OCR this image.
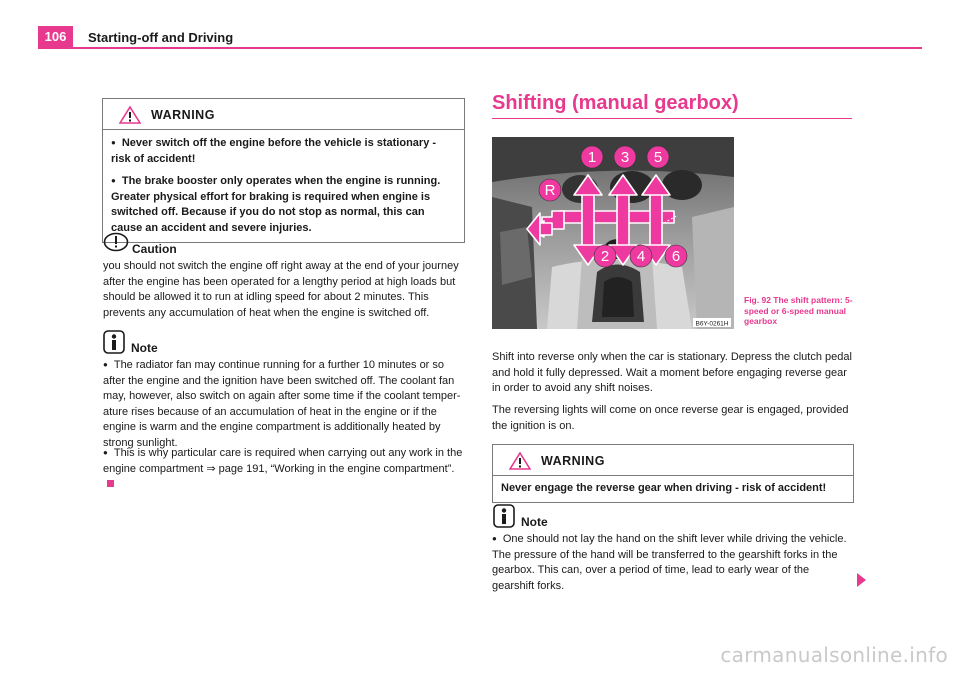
106	Starting-off and Driving
WARNING

● Never switch off the engine before the vehicle is stationary - risk of accident!

● The brake booster only operates when the engine is running. Greater physical effort for braking is required when engine is switched off. Because if you do not stop as normal, this can cause an accident and severe injuries.

Caution

you should not switch the engine off right away at the end of your journey after the engine has been operated for a lengthy period at high loads but should be allowed it to run at idling speed for about 2 minutes. This prevents any accumulation of heat when the engine is switched off.

Note

● The radiator fan may continue running for a further 10 minutes or so after the engine and the ignition have been switched off. The coolant fan may, however, also switch on again after some time if the coolant temper-ature rises because of an accumulation of heat in the engine or if the engine is warm and the engine compartment is additionally heated by strong sunlight.

● This is why particular care is required when carrying out any work in the engine compartment ⇒ page 191, “Working in the engine compartment”.

Shifting (manual gearbox)
1 3 5
R
2 4 6
B6Y-0261H
Fig. 92 The shift pattern: 5-speed or 6-speed manual gearbox

Shift into reverse only when the car is stationary. Depress the clutch pedal and hold it fully depressed. Wait a moment before engaging reverse gear in order to avoid any shift noises.

The reversing lights will come on once reverse gear is engaged, provided the ignition is on.

WARNING
Never engage the reverse gear when driving - risk of accident!
Note

● One should not lay the hand on the shift lever while driving the vehicle. The pressure of the hand will be transferred to the gearshift forks in the gearbox. This can, over a period of time, lead to early wear of the gearshift forks.

carmanualsonline.info
